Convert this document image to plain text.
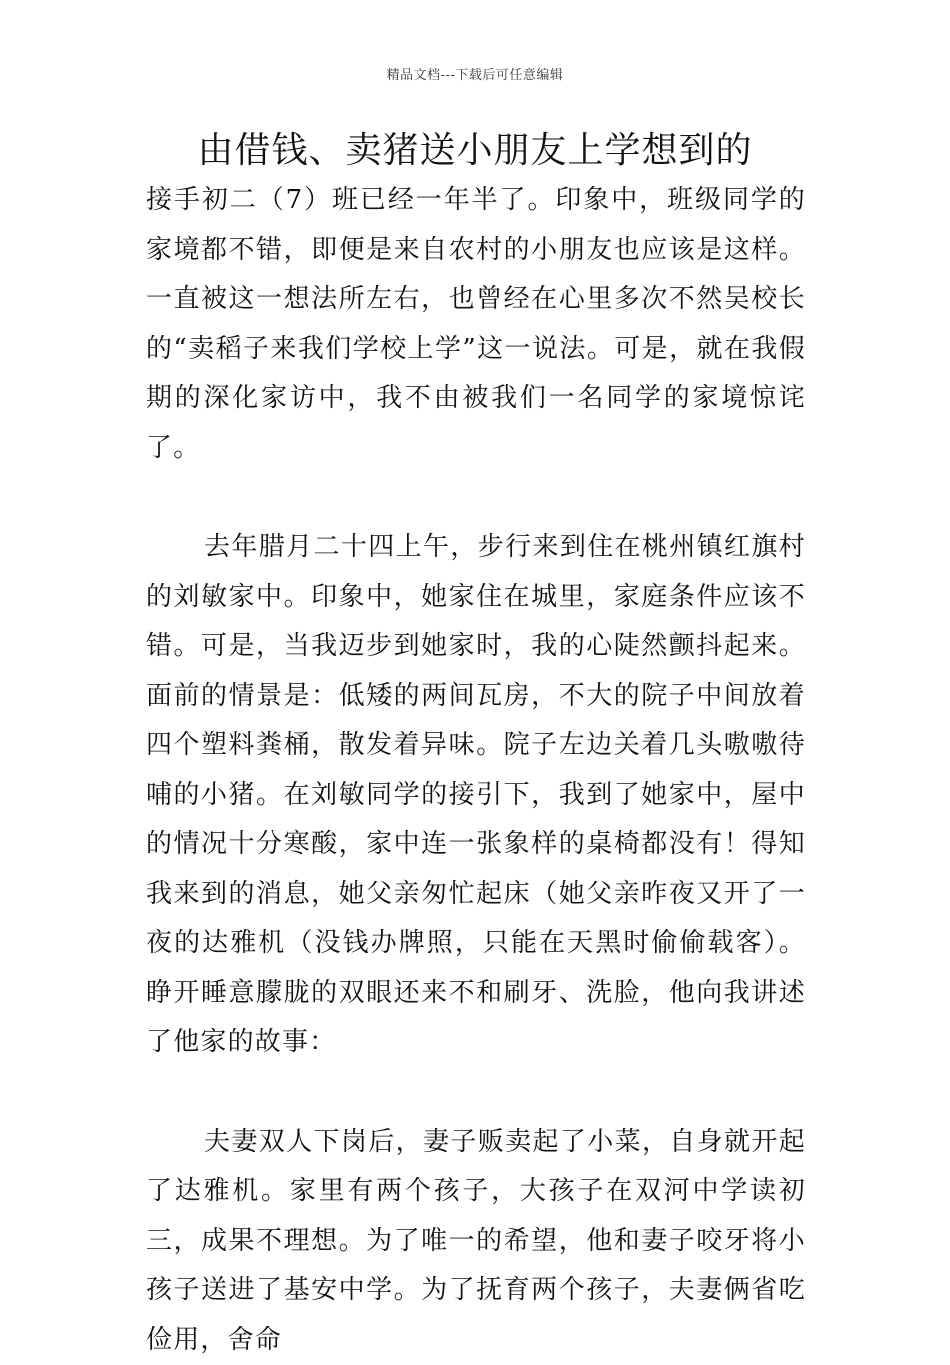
精品文档---下载后可任意编辑
由借钱、卖猪送小朋友上学想到的

接手初二（7）班已经一年半了。印象中，班级同学的家境都不错，即便是来自农村的小朋友也应该是这样。一直被这一想法所左右，也曾经在心里多次不然吴校长的“卖稻子来我们学校上学”这一说法。可是，就在我假期的深化家访中，我不由被我们一名同学的家境惊诧了。

去年腊月二十四上午，步行来到住在桃州镇红旗村的刘敏家中。印象中，她家住在城里，家庭条件应该不错。可是，当我迈步到她家时，我的心陡然颤抖起来。面前的情景是：低矮的两间瓦房，不大的院子中间放着四个塑料粪桶，散发着异味。院子左边关着几头嗷嗷待哺的小猪。在刘敏同学的接引下，我到了她家中，屋中的情况十分寒酸，家中连一张象样的桌椅都没有！得知我来到的消息，她父亲匆忙起床（她父亲昨夜又开了一夜的达雅机（没钱办牌照，只能在天黑时偷偷载客）。睁开睡意朦胧的双眼还来不和刷牙、洗脸，他向我讲述了他家的故事：

夫妻双人下岗后，妻子贩卖起了小菜，自身就开起了达雅机。家里有两个孩子，大孩子在双河中学读初三，成果不理想。为了唯一的希望，他和妻子咬牙将小孩子送进了基安中学。为了抚育两个孩子，夫妻俩省吃俭用，舍命
